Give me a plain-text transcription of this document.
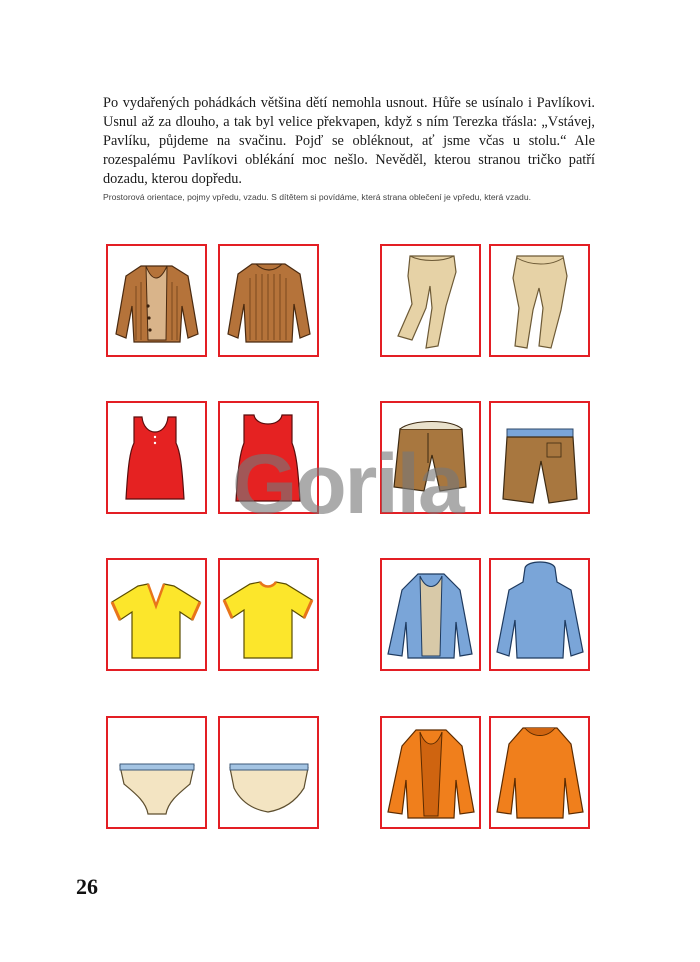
Po vydařených pohádkách většina dětí nemohla usnout. Hůře se usínalo i Pavlíkovi. Usnul až za dlouho, a tak byl velice překvapen, když s ním Terezka třásla: „Vstávej, Pavlíku, půjdeme na svačinu. Pojď se obléknout, ať jsme včas u stolu.“ Ale rozespalému Pavlíkovi oblékání moc nešlo. Nevěděl, kterou stranou tričko patří dozadu, kterou dopředu.

Prostorová orientace, pojmy vpředu, vzadu. S dítětem si povídáme, která strana oblečení je vpředu, která vzadu.

Gorila
26
